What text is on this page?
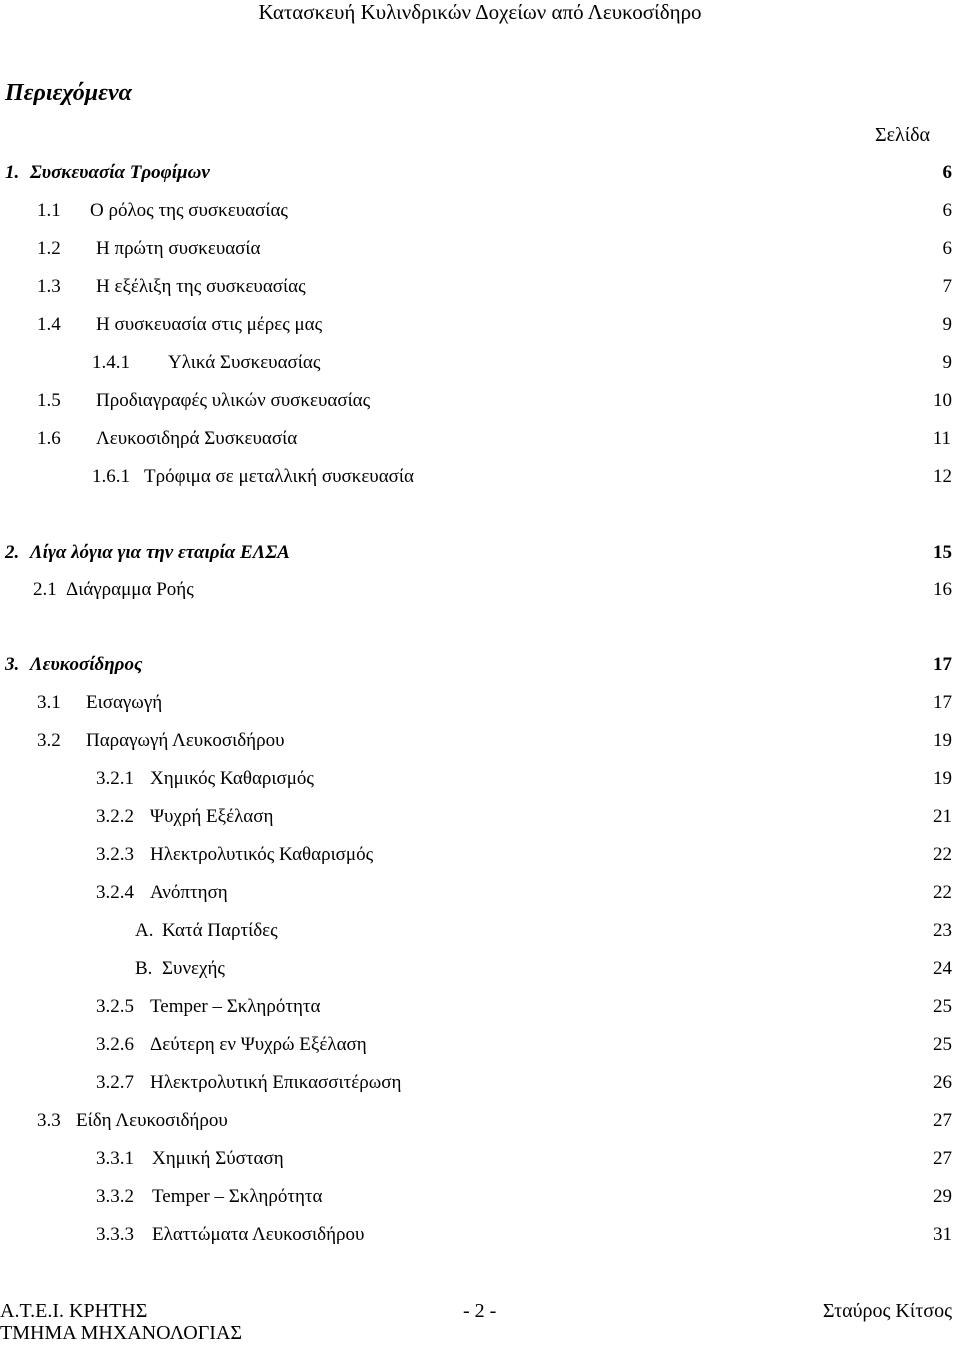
Κατασκευή Κυλινδρικών Δοχείων από Λευκοσίδηρο
Περιεχόμενα
Σελίδα
1. Συσκευασία Τροφίμων	6
1.1 Ο ρόλος της συσκευασίας	6
1.2 Η πρώτη συσκευασία	6
1.3 Η εξέλιξη της συσκευασίας	7
1.4 Η συσκευασία στις μέρες μας	9
1.4.1 Υλικά Συσκευασίας	9
1.5 Προδιαγραφές υλικών συσκευασίας	10
1.6 Λευκοσιδηρά Συσκευασία	11
1.6.1 Τρόφιμα σε μεταλλική συσκευασία	12
2. Λίγα λόγια για την εταιρία ΕΛΣΑ	15
2.1 Διάγραμμα Ροής	16
3. Λευκοσίδηρος	17
3.1 Εισαγωγή	17
3.2 Παραγωγή Λευκοσιδήρου	19
3.2.1 Χημικός Καθαρισμός	19
3.2.2 Ψυχρή Εξέλαση	21
3.2.3 Ηλεκτρολυτικός Καθαρισμός	22
3.2.4 Ανόπτηση	22
Α. Κατά Παρτίδες	23
Β. Συνεχής	24
3.2.5 Temper – Σκληρότητα	25
3.2.6 Δεύτερη εν Ψυχρώ Εξέλαση	25
3.2.7 Ηλεκτρολυτική Επικασσιτέρωση	26
3.3 Είδη Λευκοσιδήρου	27
3.3.1 Χημική Σύσταση	27
3.3.2 Temper – Σκληρότητα	29
3.3.3 Ελαττώματα Λευκοσιδήρου	31
Α.Τ.Ε.Ι. ΚΡΗΤΗΣ	- 2 -	Σταύρος Κίτσος
ΤΜΗΜΑ ΜΗΧΑΝΟΛΟΓΙΑΣ
